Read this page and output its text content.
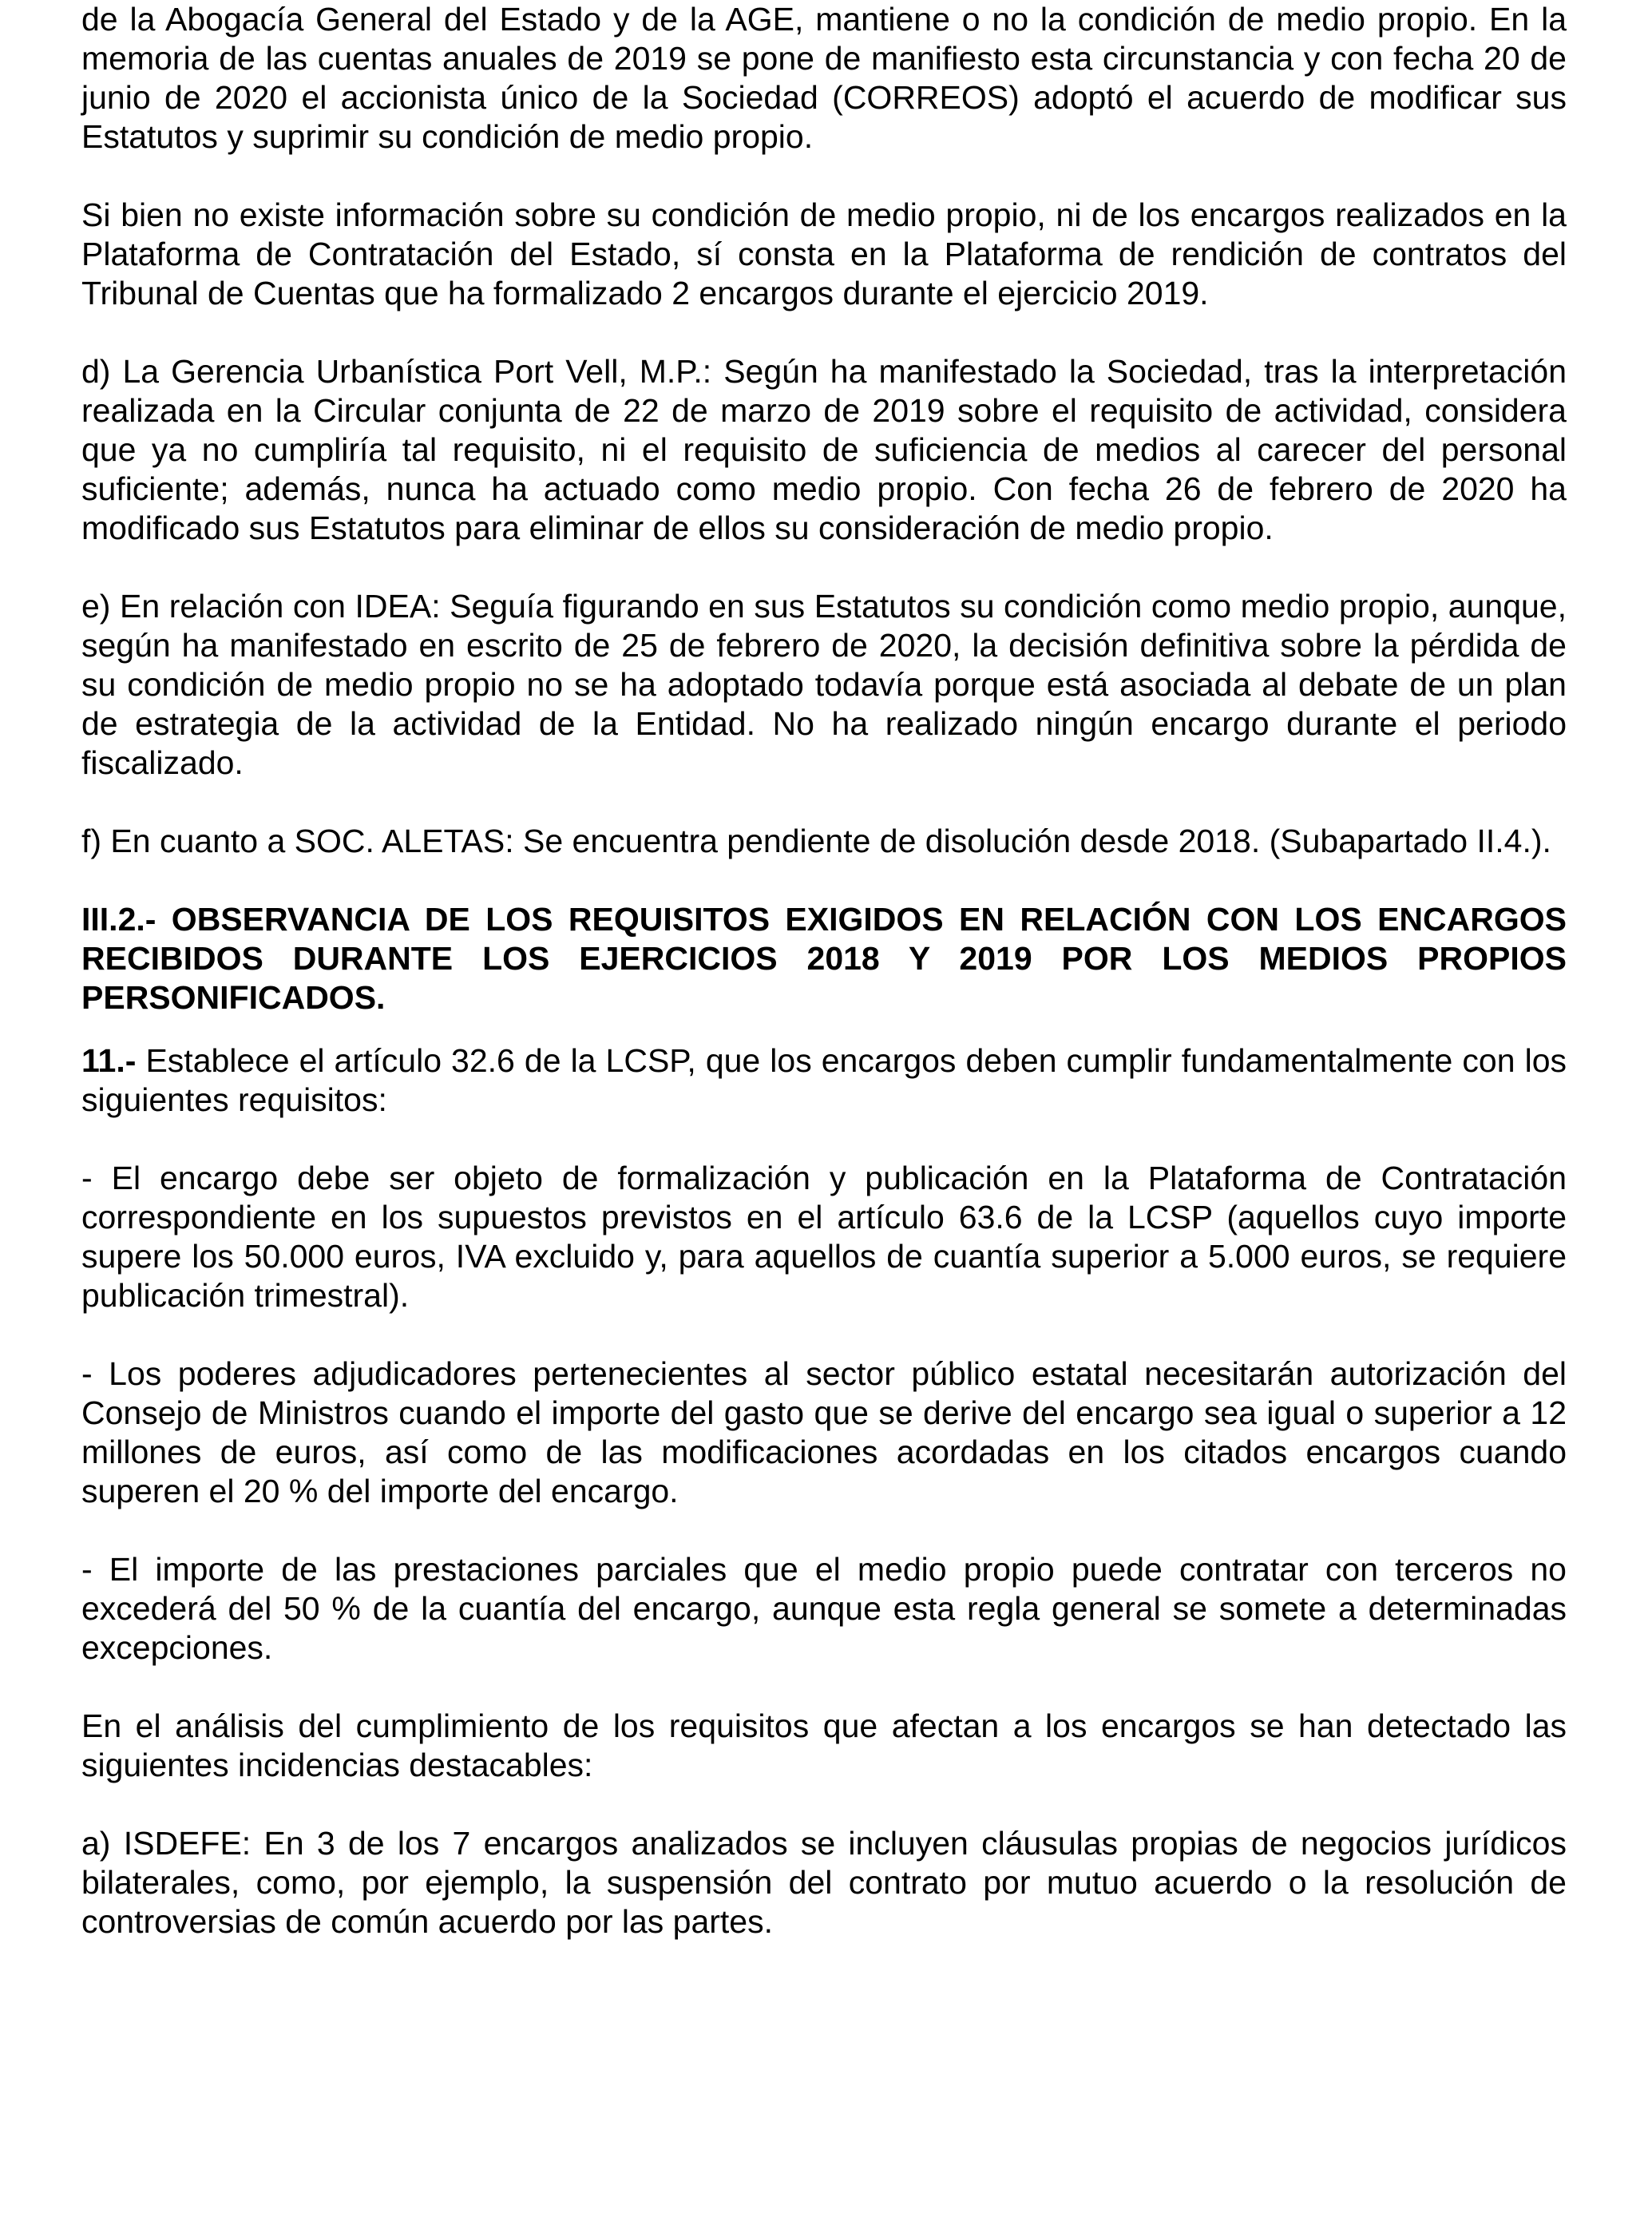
de la Abogacía General del Estado y de la AGE, mantiene o no la condición de medio propio. En la memoria de las cuentas anuales de 2019 se pone de manifiesto esta circunstancia y con fecha 20 de junio de 2020 el accionista único de la Sociedad (CORREOS) adoptó el acuerdo de modificar sus Estatutos y suprimir su condición de medio propio.

Si bien no existe información sobre su condición de medio propio, ni de los encargos realizados en la Plataforma de Contratación del Estado, sí consta en la Plataforma de rendición de contratos del Tribunal de Cuentas que ha formalizado 2 encargos durante el ejercicio 2019.

d) La Gerencia Urbanística Port Vell, M.P.: Según ha manifestado la Sociedad, tras la interpretación realizada en la Circular conjunta de 22 de marzo de 2019 sobre el requisito de actividad, considera que ya no cumpliría tal requisito, ni el requisito de suficiencia de medios al carecer del personal suficiente; además, nunca ha actuado como medio propio. Con fecha 26 de febrero de 2020 ha modificado sus Estatutos para eliminar de ellos su consideración de medio propio.

e) En relación con IDEA: Seguía figurando en sus Estatutos su condición como medio propio, aunque, según ha manifestado en escrito de 25 de febrero de 2020, la decisión definitiva sobre la pérdida de su condición de medio propio no se ha adoptado todavía porque está asociada al debate de un plan de estrategia de la actividad de la Entidad. No ha realizado ningún encargo durante el periodo fiscalizado.

f) En cuanto a SOC. ALETAS: Se encuentra pendiente de disolución desde 2018. (Subapartado II.4.).

III.2.- OBSERVANCIA DE LOS REQUISITOS EXIGIDOS EN RELACIÓN CON LOS ENCARGOS RECIBIDOS DURANTE LOS EJERCICIOS 2018 Y 2019 POR LOS MEDIOS PROPIOS PERSONIFICADOS.

11.- Establece el artículo 32.6 de la LCSP, que los encargos deben cumplir fundamentalmente con los siguientes requisitos:

- El encargo debe ser objeto de formalización y publicación en la Plataforma de Contratación correspondiente en los supuestos previstos en el artículo 63.6 de la LCSP (aquellos cuyo importe supere los 50.000 euros, IVA excluido y, para aquellos de cuantía superior a 5.000 euros, se requiere publicación trimestral).

- Los poderes adjudicadores pertenecientes al sector público estatal necesitarán autorización del Consejo de Ministros cuando el importe del gasto que se derive del encargo sea igual o superior a 12 millones de euros, así como de las modificaciones acordadas en los citados encargos cuando superen el 20 % del importe del encargo.

- El importe de las prestaciones parciales que el medio propio puede contratar con terceros no excederá del 50 % de la cuantía del encargo, aunque esta regla general se somete a determinadas excepciones.

En el análisis del cumplimiento de los requisitos que afectan a los encargos se han detectado las siguientes incidencias destacables:

a) ISDEFE: En 3 de los 7 encargos analizados se incluyen cláusulas propias de negocios jurídicos bilaterales, como, por ejemplo, la suspensión del contrato por mutuo acuerdo o la resolución de controversias de común acuerdo por las partes.
